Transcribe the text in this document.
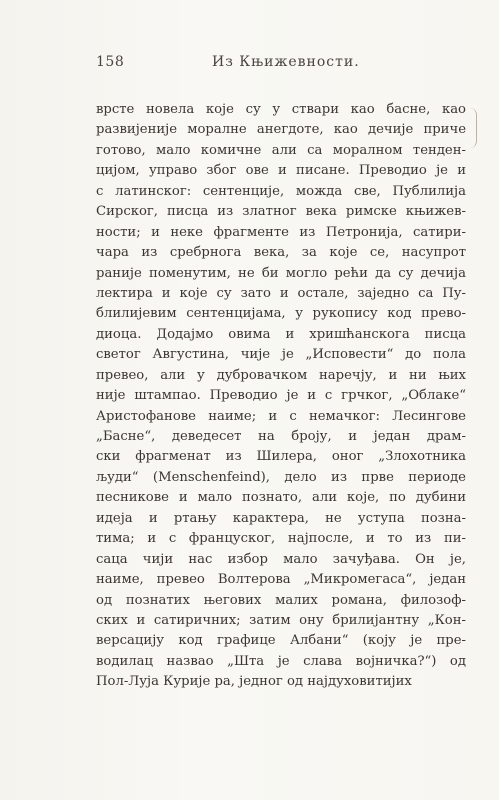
158	Из Књижевности.
врсте новела које су у ствари као басне, као
развијеније моралне анегдоте, као дечије приче
готово, мало комичне али са моралном тенден-
цијом, управо због ове и писане. Преводио је и
с латинског: сентенције, можда све, Публилија
Сирског, писца из златног века римске књижев-
ности; и неке фрагменте из Петронија, сатири-
чара из сребрнога века, за које се, насупрот
раније поменутим, не би могло рећи да су дечија
лектира и које су зато и остале, заједно са Пу-
блилијевим сентенцијама, у рукопису код прево-
диоца. Додајмо овима и хришћанскога писца
светог Августина, чије је „Исповести“ до пола
превео, али у дубровачком наречју, и ни њих
није штампао. Преводио је и с грчког, „Облаке“
Аристофанове наиме; и с немачког: Лесингове
„Басне“, деведесет на броју, и један драм-
ски фрагменат из Шилера, оног „Злохотника
људи“ (Menschenfeind), дело из прве периоде
песникове и мало познато, али које, по дубини
идеја и ртању карактера, не уступа позна-
тима; и с француског, најпосле, и то из пи-
саца чији нас избор мало зачуђава. Он је,
наиме, превео Волтерова „Микромегаса“, један
од познатих његових малих романа, филозоф-
ских и сатиричних; затим ону брилијантну „Кон-
версацију код графице Албани“ (коју је пре-
водилац назвао „Шта је слава војничка?“) од
Пол-Луја Курије ра, једног од најдуховитијих
